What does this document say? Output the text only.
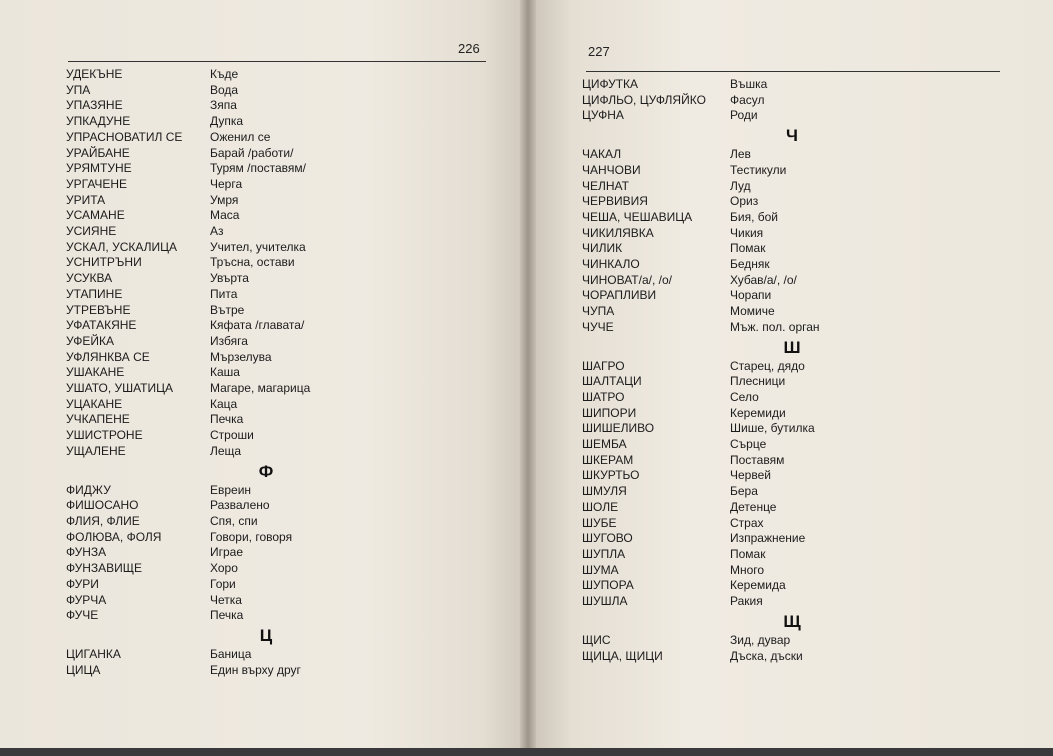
226
УДЕКЪНЕ	Къде
УПА	Вода
УПАЗЯНЕ	Зяпа
УПКАДУНЕ	Дупка
УПРАСНОВАТИЛ СЕ	Оженил се
УРАЙБАНЕ	Барай /работи/
УРЯМТУНЕ	Турям /поставям/
УРГАЧЕНЕ	Черга
УРИТА	Умря
УСАМАНЕ	Маса
УСИЯНЕ	Аз
УСКАЛ, УСКАЛИЦА	Учител, учителка
УСНИТРЪНИ	Тръсна, остави
УСУКВА	Увърта
УТАПИНЕ	Пита
УТРЕВЪНЕ	Вътре
УФАТАКЯНЕ	Кяфата /главата/
УФЕЙКА	Избяга
УФЛЯНКВА СЕ	Мързелува
УШАКАНЕ	Каша
УШАТО, УШАТИЦА	Магаре, магарица
УЦАКАНЕ	Каца
УЧКАПЕНЕ	Печка
УШИСТРОНЕ	Строши
УЩАЛЕНЕ	Леща
Ф
ФИДЖУ	Евреин
ФИШОСАНО	Развалено
ФЛИЯ, ФЛИЕ	Спя, спи
ФОЛЮВА, ФОЛЯ	Говори, говоря
ФУНЗА	Играе
ФУНЗАВИЩЕ	Хоро
ФУРИ	Гори
ФУРЧА	Четка
ФУЧЕ	Печка
Ц
ЦИГАНКА	Баница
ЦИЦА	Един върху друг
227
ЦИФУТКА	Въшка
ЦИФЛЬО, ЦУФЛЯЙКО	Фасул
ЦУФНА	Роди
Ч
ЧАКАЛ	Лев
ЧАНЧОВИ	Тестикули
ЧЕЛНАТ	Луд
ЧЕРВИВИЯ	Ориз
ЧЕША, ЧЕШАВИЦА	Бия, бой
ЧИКИЛЯВКА	Чикия
ЧИЛИК	Помак
ЧИНКАЛО	Бедняк
ЧИНОВАТ/а/, /о/	Хубав/а/, /о/
ЧОРАПЛИВИ	Чорапи
ЧУПА	Момиче
ЧУЧЕ	Мъж. пол. орган
Ш
ШАГРО	Старец, дядо
ШАЛТАЦИ	Плесници
ШАТРО	Село
ШИПОРИ	Керемиди
ШИШЕЛИВО	Шише, бутилка
ШЕМБА	Сърце
ШКЕРАМ	Поставям
ШКУРТЬО	Червей
ШМУЛЯ	Бера
ШОЛЕ	Детенце
ШУБЕ	Страх
ШУГОВО	Изпражнение
ШУПЛА	Помак
ШУМА	Много
ШУПОРА	Керемида
ШУШЛА	Ракия
Щ
ЩИС	Зид, дувар
ЩИЦА, ЩИЦИ	Дъска, дъски
